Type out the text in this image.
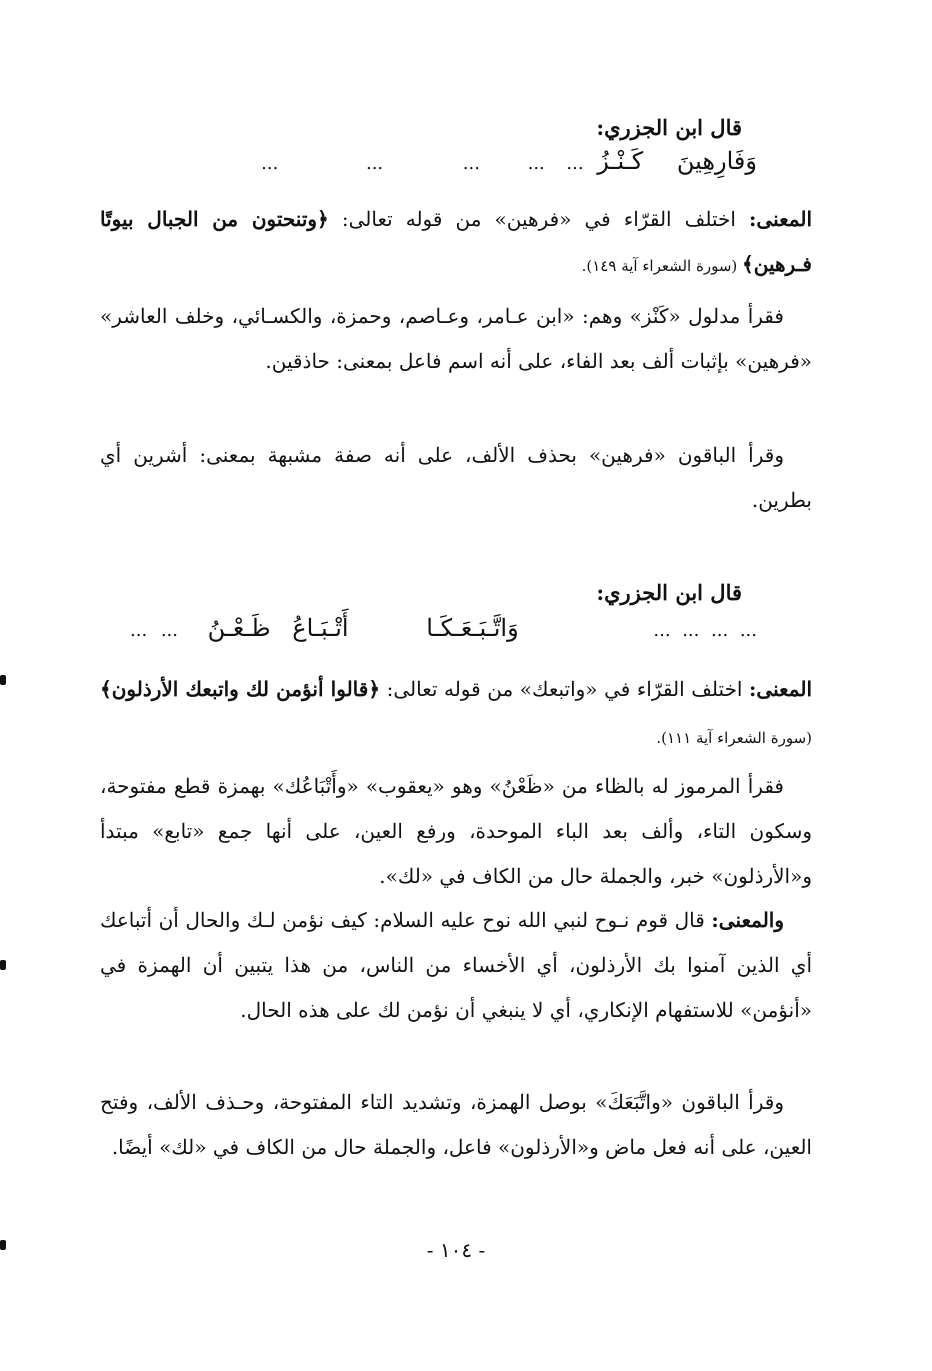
قال ابن الجزري:
وَفَارِهِينَ كَـنْـزُ ... ... ... ... ...

المعنى: اختلف القرّاء في «فرهين» من قوله تعالى: ﴿وتنحتون من الجبال بيوتًا فـرهين﴾ (سورة الشعراء آية ١٤٩).

فقرأ مدلول «كَنْز» وهم: «ابن عـامر، وعـاصم، وحمزة، والكسـائي، وخلف العاشر» «فرهين» بإثبات ألف بعد الفاء، على أنه اسم فاعل بمعنى: حاذقين.

وقرأ الباقون «فرهين» بحذف الألف، على أنه صفة مشبهة بمعنى: أشرين أي بطرين.

قال ابن الجزري:
... ... ... ...
... ... ظَـعْـنُ أَتْـبَـاعُ	وَاتَّـبَـعَـكَـا

المعنى: اختلف القرّاء في «واتبعك» من قوله تعالى: ﴿قالوا أنؤمن لك واتبعك الأرذلون﴾ (سورة الشعراء آية ١١١).

فقرأ المرموز له بالظاء من «ظَعْنُ» وهو «يعقوب» «وأَتْبَاعُك» بهمزة قطع مفتوحة، وسكون التاء، وألف بعد الباء الموحدة، ورفع العين، على أنها جمع «تابع» مبتدأ و«الأرذلون» خبر، والجملة حال من الكاف في «لك».

والمعنى: قال قوم نـوح لنبي الله نوح عليه السلام: كيف نؤمن لـك والحال أن أتباعك أي الذين آمنوا بك الأرذلون، أي الأخساء من الناس، من هذا يتبين أن الهمزة في «أنؤمن» للاستفهام الإنكاري، أي لا ينبغي أن نؤمن لك على هذه الحال.

وقرأ الباقون «واتَّبَعَكَ» بوصل الهمزة، وتشديد التاء المفتوحة، وحـذف الألف، وفتح العين، على أنه فعل ماض و«الأرذلون» فاعل، والجملة حال من الكاف في «لك» أيضًا.

- ١٠٤ -
